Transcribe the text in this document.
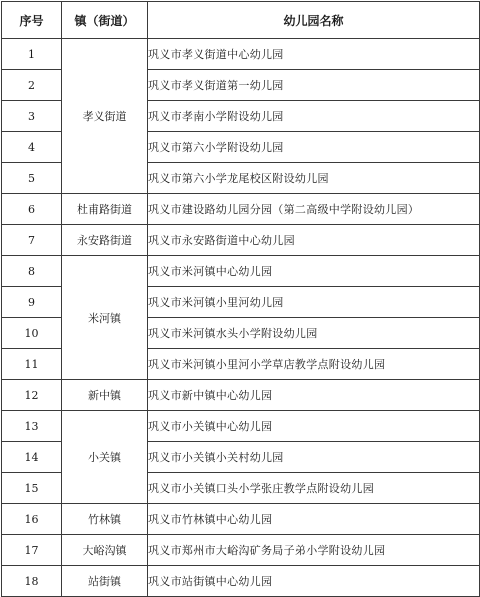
序号	镇（街道）	幼儿园名称
1	孝义街道	巩义市孝义街道中心幼儿园
2		巩义市孝义街道第一幼儿园
3		巩义市孝南小学附设幼儿园
4		巩义市第六小学附设幼儿园
5		巩义市第六小学龙尾校区附设幼儿园
6	杜甫路街道	巩义市建设路幼儿园分园（第二高级中学附设幼儿园）
7	永安路街道	巩义市永安路街道中心幼儿园
8	米河镇	巩义市米河镇中心幼儿园
9		巩义市米河镇小里河幼儿园
10		巩义市米河镇水头小学附设幼儿园
11		巩义市米河镇小里河小学草店教学点附设幼儿园
12	新中镇	巩义市新中镇中心幼儿园
13	小关镇	巩义市小关镇中心幼儿园
14		巩义市小关镇小关村幼儿园
15		巩义市小关镇口头小学张庄教学点附设幼儿园
16	竹林镇	巩义市竹林镇中心幼儿园
17	大峪沟镇	巩义市郑州市大峪沟矿务局子弟小学附设幼儿园
18	站街镇	巩义市站街镇中心幼儿园
